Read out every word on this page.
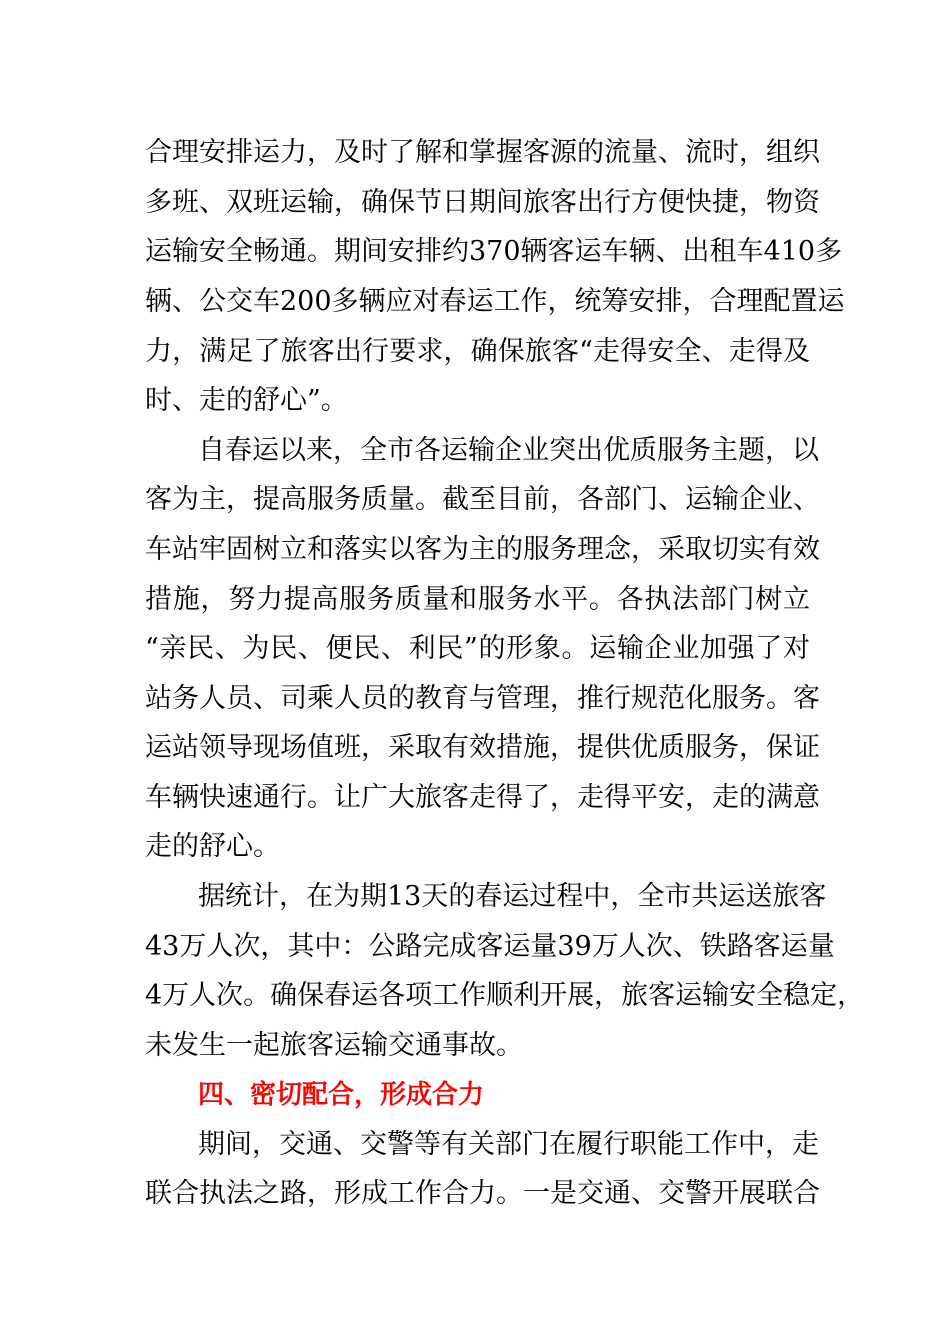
合理安排运力，及时了解和掌握客源的流量、流时，组织
多班、双班运输，确保节日期间旅客出行方便快捷，物资
运输安全畅通。期间安排约370辆客运车辆、出租车410多
辆、公交车200多辆应对春运工作，统筹安排，合理配置运
力，满足了旅客出行要求，确保旅客“走得安全、走得及
时、走的舒心”。
自春运以来，全市各运输企业突出优质服务主题，以
客为主，提高服务质量。截至目前，各部门、运输企业、
车站牢固树立和落实以客为主的服务理念，采取切实有效
措施，努力提高服务质量和服务水平。各执法部门树立
“亲民、为民、便民、利民”的形象。运输企业加强了对
站务人员、司乘人员的教育与管理，推行规范化服务。客
运站领导现场值班，采取有效措施，提供优质服务，保证
车辆快速通行。让广大旅客走得了，走得平安，走的满意
走的舒心。
据统计，在为期13天的春运过程中，全市共运送旅客
43万人次，其中：公路完成客运量39万人次、铁路客运量
4万人次。确保春运各项工作顺利开展，旅客运输安全稳定，
未发生一起旅客运输交通事故。
四、密切配合，形成合力
期间，交通、交警等有关部门在履行职能工作中，走
联合执法之路，形成工作合力。一是交通、交警开展联合
